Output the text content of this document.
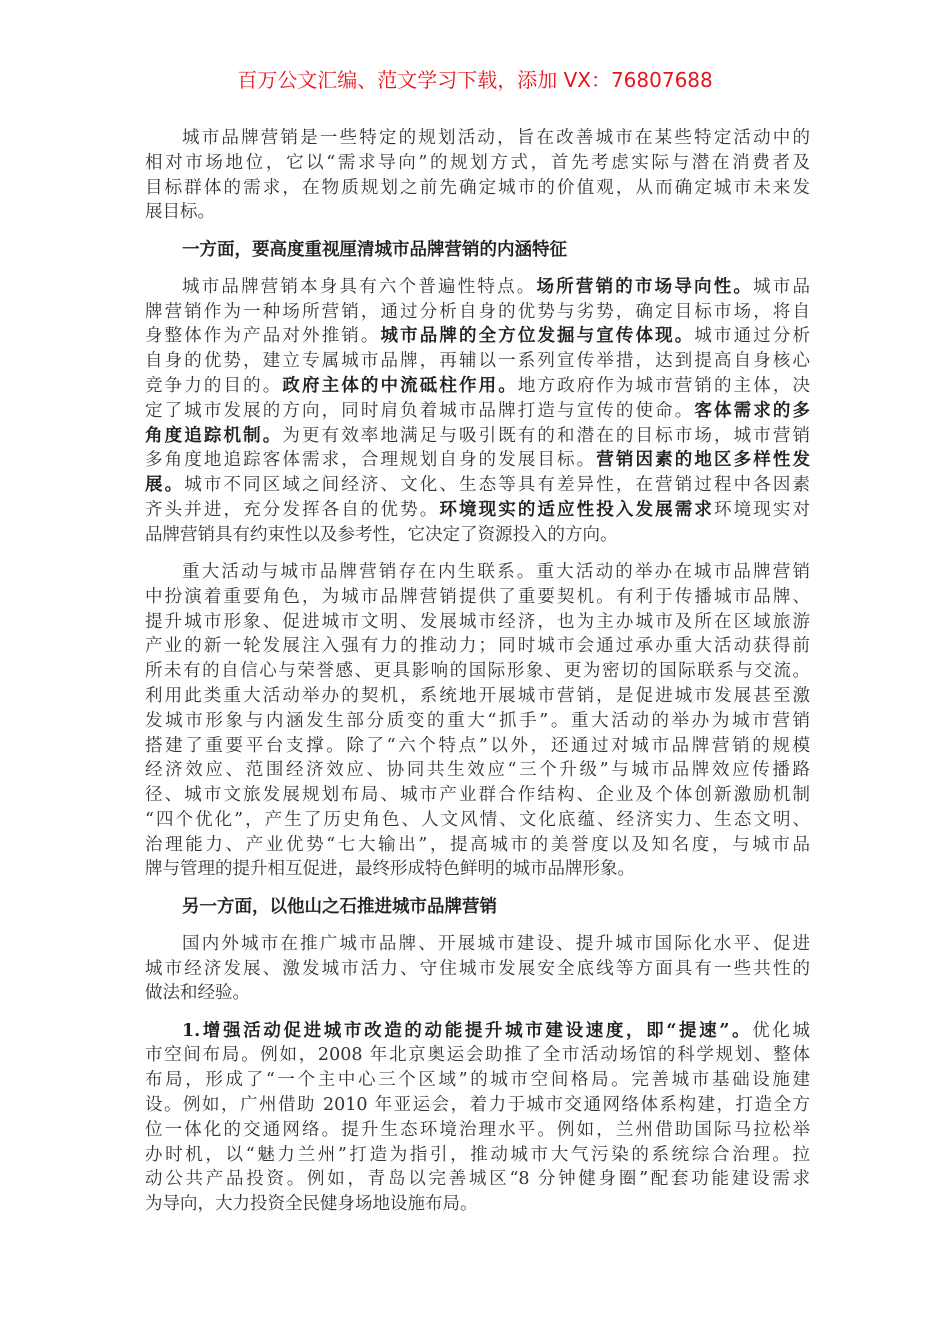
百万公文汇编、范文学习下载，添加 VX：76807688
城市品牌营销是一些特定的规划活动，旨在改善城市在某些特定活动中的
相对市场地位，它以“需求导向”的规划方式，首先考虑实际与潜在消费者及
目标群体的需求，在物质规划之前先确定城市的价值观，从而确定城市未来发
展目标。
一方面，要高度重视厘清城市品牌营销的内涵特征
城市品牌营销本身具有六个普遍性特点。场所营销的市场导向性。城市品
牌营销作为一种场所营销，通过分析自身的优势与劣势，确定目标市场，将自
身整体作为产品对外推销。城市品牌的全方位发掘与宣传体现。城市通过分析
自身的优势，建立专属城市品牌，再辅以一系列宣传举措，达到提高自身核心
竞争力的目的。政府主体的中流砥柱作用。地方政府作为城市营销的主体，决
定了城市发展的方向，同时肩负着城市品牌打造与宣传的使命。客体需求的多
角度追踪机制。为更有效率地满足与吸引既有的和潜在的目标市场，城市营销
多角度地追踪客体需求，合理规划自身的发展目标。营销因素的地区多样性发
展。城市不同区域之间经济、文化、生态等具有差异性，在营销过程中各因素
齐头并进，充分发挥各自的优势。环境现实的适应性投入发展需求环境现实对
品牌营销具有约束性以及参考性，它决定了资源投入的方向。
重大活动与城市品牌营销存在内生联系。重大活动的举办在城市品牌营销
中扮演着重要角色，为城市品牌营销提供了重要契机。有利于传播城市品牌、
提升城市形象、促进城市文明、发展城市经济，也为主办城市及所在区域旅游
产业的新一轮发展注入强有力的推动力；同时城市会通过承办重大活动获得前
所未有的自信心与荣誉感、更具影响的国际形象、更为密切的国际联系与交流。
利用此类重大活动举办的契机，系统地开展城市营销，是促进城市发展甚至激
发城市形象与内涵发生部分质变的重大“抓手”。重大活动的举办为城市营销
搭建了重要平台支撑。除了“六个特点”以外，还通过对城市品牌营销的规模
经济效应、范围经济效应、协同共生效应“三个升级”与城市品牌效应传播路
径、城市文旅发展规划布局、城市产业群合作结构、企业及个体创新激励机制
“四个优化”，产生了历史角色、人文风情、文化底蕴、经济实力、生态文明、
治理能力、产业优势“七大输出”，提高城市的美誉度以及知名度，与城市品
牌与管理的提升相互促进，最终形成特色鲜明的城市品牌形象。
另一方面，以他山之石推进城市品牌营销
国内外城市在推广城市品牌、开展城市建设、提升城市国际化水平、促进
城市经济发展、激发城市活力、守住城市发展安全底线等方面具有一些共性的
做法和经验。
1.增强活动促进城市改造的动能提升城市建设速度，即“提速”。优化城
市空间布局。例如，2008 年北京奥运会助推了全市活动场馆的科学规划、整体
布局，形成了“一个主中心三个区域”的城市空间格局。完善城市基础设施建
设。例如，广州借助 2010 年亚运会，着力于城市交通网络体系构建，打造全方
位一体化的交通网络。提升生态环境治理水平。例如，兰州借助国际马拉松举
办时机，以“魅力兰州”打造为指引，推动城市大气污染的系统综合治理。拉
动公共产品投资。例如，青岛以完善城区“8 分钟健身圈”配套功能建设需求
为导向，大力投资全民健身场地设施布局。
